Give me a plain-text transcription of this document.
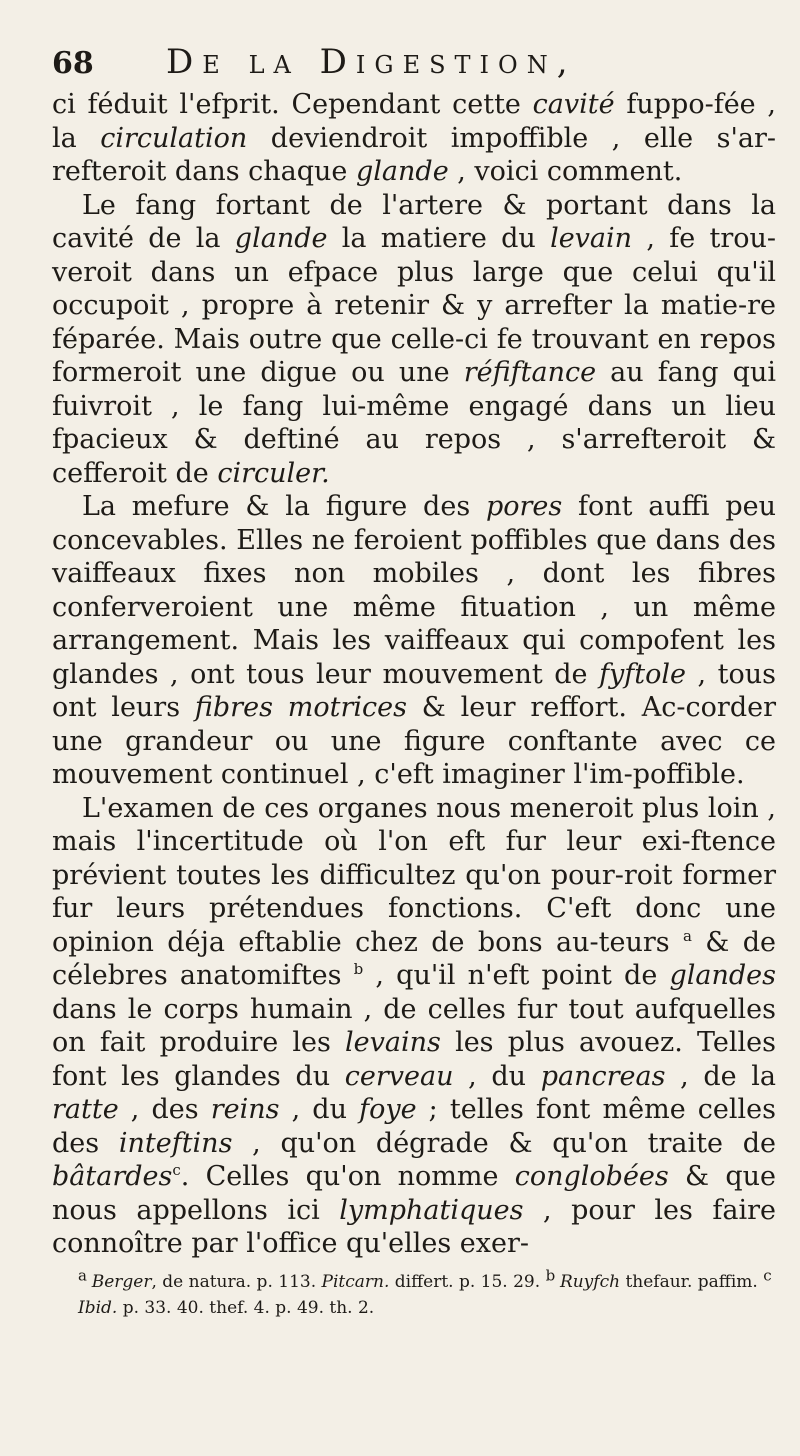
68	De la Digestion,

ci féduit l'efprit. Cependant cette cavité fuppo-fée , la circulation deviendroit impoffible , elle s'ar-refteroit dans chaque glande , voici comment.

Le fang fortant de l'artere & portant dans la cavité de la glande la matiere du levain , fe trou-veroit dans un efpace plus large que celui qu'il occupoit , propre à retenir & y arrefter la matie-re féparée. Mais outre que celle-ci fe trouvant en repos formeroit une digue ou une réfiftance au fang qui fuivroit , le fang lui-même engagé dans un lieu fpacieux & deftiné au repos , s'arrefteroit & cefferoit de circuler.

La mefure & la figure des pores font auffi peu concevables. Elles ne feroient poffibles que dans des vaiffeaux fixes non mobiles , dont les fibres conferveroient une même fituation , un même arrangement. Mais les vaiffeaux qui compofent les glandes , ont tous leur mouvement de fyftole , tous ont leurs fibres motrices & leur reffort. Ac-corder une grandeur ou une figure conftante avec ce mouvement continuel , c'eft imaginer l'im-poffible.

L'examen de ces organes nous meneroit plus loin , mais l'incertitude où l'on eft fur leur exi-ftence prévient toutes les difficultez qu'on pour-roit former fur leurs prétendues fonctions. C'eft donc une opinion déja eftablie chez de bons au-teurs $^a$ & de célebres anatomiftes $^b$ , qu'il n'eft point de glandes dans le corps humain , de celles fur tout aufquelles on fait produire les levains les plus avouez. Telles font les glandes du cerveau , du pancreas , de la ratte , des reins , du foye ; telles font même celles des inteftins , qu'on dégrade & qu'on traite de bâtardes$^c$. Celles qu'on nomme conglobées & que nous appellons ici lymphatiques , pour les faire connoître par l'office qu'elles exer-

$^a$ Berger, de natura. p. 113. Pitcarn. differt. p. 15. 29. $^b$ Ruyfch thefaur. paffim. $^c$ Ibid. p. 33. 40. thef. 4. p. 49. th. 2.
